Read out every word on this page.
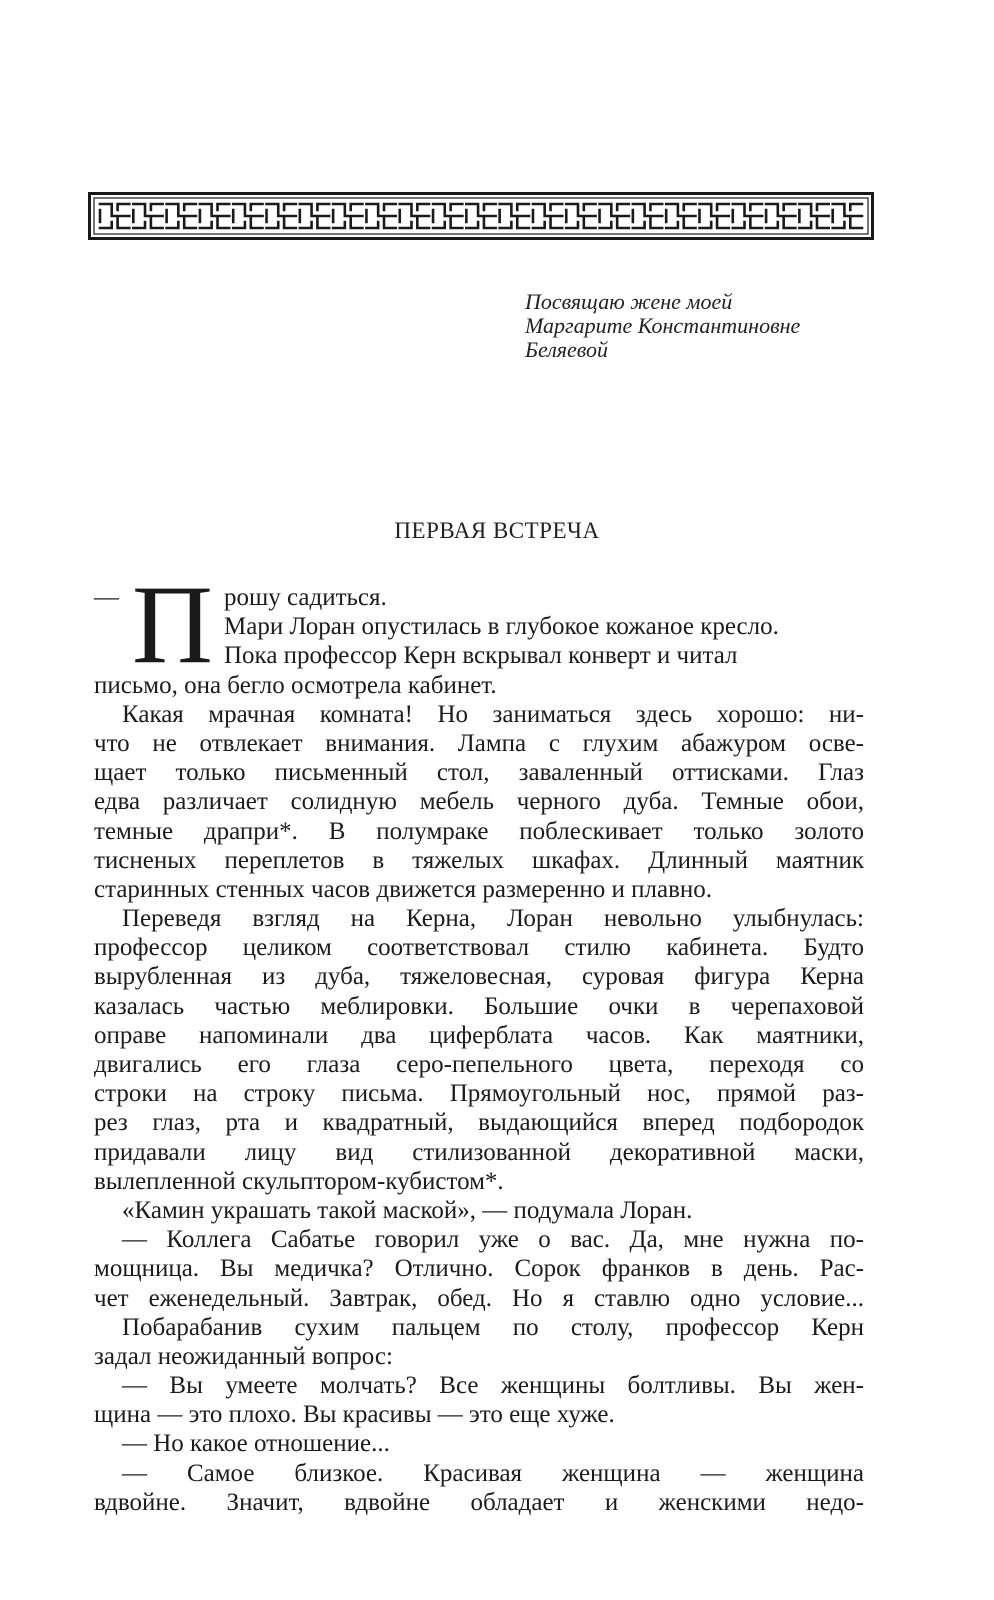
Посвящаю жене моей
Маргарите Константиновне
Беляевой
ПЕРВАЯ ВСТРЕЧА
П
—	рошу садиться.
Мари Лоран опустилась в глубокое кожаное кресло.
Пока профессор Керн вскрывал конверт и читал
письмо, она бегло осмотрела кабинет.
Какая мрачная комната! Но заниматься здесь хорошо: ни-
что не отвлекает внимания. Лампа с глухим абажуром осве-
щает только письменный стол, заваленный оттисками. Глаз
едва различает солидную мебель черного дуба. Темные обои,
темные драпри*. В полумраке поблескивает только золото
тисненых переплетов в тяжелых шкафах. Длинный маятник
старинных стенных часов движется размеренно и плавно.
Переведя взгляд на Керна, Лоран невольно улыбнулась:
профессор целиком соответствовал стилю кабинета. Будто
вырубленная из дуба, тяжеловесная, суровая фигура Керна
казалась частью меблировки. Большие очки в черепаховой
оправе напоминали два циферблата часов. Как маятники,
двигались его глаза серо-пепельного цвета, переходя со
строки на строку письма. Прямоугольный нос, прямой раз-
рез глаз, рта и квадратный, выдающийся вперед подбородок
придавали лицу вид стилизованной декоративной маски,
вылепленной скульптором-кубистом*.
«Камин украшать такой маской», — подумала Лоран.
— Коллега Сабатье говорил уже о вас. Да, мне нужна по-
мощница. Вы медичка? Отлично. Сорок франков в день. Рас-
чет еженедельный. Завтрак, обед. Но я ставлю одно условие...
Побарабанив сухим пальцем по столу, профессор Керн
задал неожиданный вопрос:
— Вы умеете молчать? Все женщины болтливы. Вы жен-
щина — это плохо. Вы красивы — это еще хуже.
— Но какое отношение...
— Самое близкое. Красивая женщина — женщина
вдвойне. Значит, вдвойне обладает и женскими недо-
